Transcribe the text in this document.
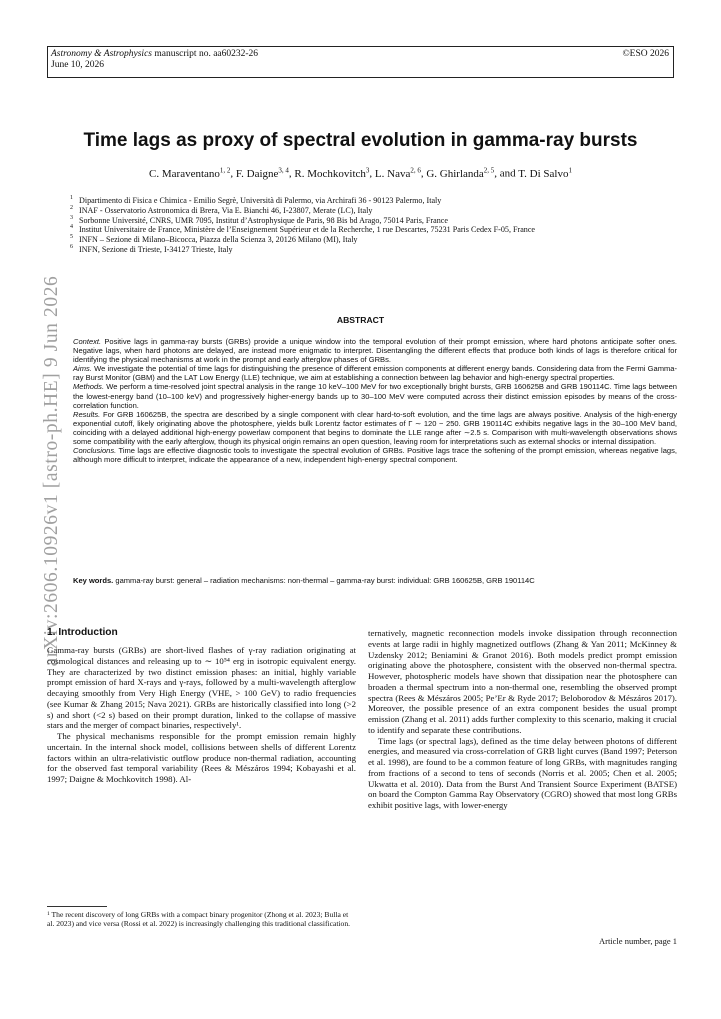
Astronomy & Astrophysics manuscript no. aa60232-26
June 10, 2026
©ESO 2026
arXiv:2606.10926v1 [astro-ph.HE] 9 Jun 2026
Time lags as proxy of spectral evolution in gamma-ray bursts
C. Maraventano$^{1, 2}$, F. Daigne$^{3, 4}$, R. Mochkovitch$^3$, L. Nava$^{2, 6}$, G. Ghirlanda$^{2, 5}$, and T. Di Salvo$^1$
1 Dipartimento di Fisica e Chimica - Emilio Segrè, Università di Palermo, via Archirafi 36 - 90123 Palermo, Italy
2 INAF - Osservatorio Astronomica di Brera, Via E. Bianchi 46, I-23807, Merate (LC), Italy
3 Sorbonne Université, CNRS, UMR 7095, Institut d’Astrophysique de Paris, 98 Bis bd Arago, 75014 Paris, France
4 Institut Universitaire de France, Ministère de l’Enseignement Supérieur et de la Recherche, 1 rue Descartes, 75231 Paris Cedex F-05, France
5 INFN – Sezione di Milano–Bicocca, Piazza della Scienza 3, 20126 Milano (MI), Italy
6 INFN, Sezione di Trieste, I-34127 Trieste, Italy
ABSTRACT

Context. Positive lags in gamma-ray bursts (GRBs) provide a unique window into the temporal evolution of their prompt emission, where hard photons anticipate softer ones. Negative lags, when hard photons are delayed, are instead more enigmatic to interpret. Disentangling the different effects that produce both kinds of lags is therefore critical for identifying the physical mechanisms at work in the prompt and early afterglow phases of GRBs.

Aims. We investigate the potential of time lags for distinguishing the presence of different emission components at different energy bands. Considering data from the Fermi Gamma-ray Burst Monitor (GBM) and the LAT Low Energy (LLE) technique, we aim at establishing a connection between lag behavior and high-energy spectral properties.

Methods. We perform a time-resolved joint spectral analysis in the range 10 keV–100 MeV for two exceptionally bright bursts, GRB 160625B and GRB 190114C. Time lags between the lowest-energy band (10–100 keV) and progressively higher-energy bands up to 30–100 MeV were computed across their distinct emission episodes by means of the cross-correlation function.

Results. For GRB 160625B, the spectra are described by a single component with clear hard-to-soft evolution, and the time lags are always positive. Analysis of the high-energy exponential cutoff, likely originating above the photosphere, yields bulk Lorentz factor estimates of Γ ∼ 120 − 250. GRB 190114C exhibits negative lags in the 30–100 MeV band, coinciding with a delayed additional high-energy powerlaw component that begins to dominate the LLE range after ∼2.5 s. Comparison with multi-wavelength observations shows some compatibility with the early afterglow, though its physical origin remains an open question, leaving room for interpretations such as external shocks or internal dissipation.

Conclusions. Time lags are effective diagnostic tools to investigate the spectral evolution of GRBs. Positive lags trace the softening of the prompt emission, whereas negative lags, although more difficult to interpret, indicate the appearance of a new, independent high-energy spectral component.

Key words. gamma-ray burst: general – radiation mechanisms: non-thermal – gamma-ray burst: individual: GRB 160625B, GRB 190114C
1. Introduction

Gamma-ray bursts (GRBs) are short-lived flashes of γ-ray radiation originating at cosmological distances and releasing up to ∼ 10⁵⁴ erg in isotropic equivalent energy. They are characterized by two distinct emission phases: an initial, highly variable prompt emission of hard X-rays and γ-rays, followed by a multi-wavelength afterglow decaying smoothly from Very High Energy (VHE, > 100 GeV) to radio frequencies (see Kumar & Zhang 2015; Nava 2021). GRBs are historically classified into long (>2 s) and short (<2 s) based on their prompt duration, linked to the collapse of massive stars and the merger of compact binaries, respectively¹.

The physical mechanisms responsible for the prompt emission remain highly uncertain. In the internal shock model, collisions between shells of different Lorentz factors within an ultra-relativistic outflow produce non-thermal radiation, accounting for the observed fast temporal variability (Rees & Mészáros 1994; Kobayashi et al. 1997; Daigne & Mochkovitch 1998). Al-

ternatively, magnetic reconnection models invoke dissipation through reconnection events at large radii in highly magnetized outflows (Zhang & Yan 2011; McKinney & Uzdensky 2012; Beniamini & Granot 2016). Both models predict prompt emission originating above the photosphere, consistent with the observed non-thermal spectra. However, photospheric models have shown that dissipation near the photosphere can broaden a thermal spectrum into a non-thermal one, resembling the observed prompt spectra (Rees & Mészáros 2005; Pe’Er & Ryde 2017; Beloborodov & Mészáros 2017). Moreover, the possible presence of an extra component besides the usual prompt emission (Zhang et al. 2011) adds further complexity to this scenario, making it crucial to identify and separate these contributions.

Time lags (or spectral lags), defined as the time delay between photons of different energies, and measured via cross-correlation of GRB light curves (Band 1997; Peterson et al. 1998), are found to be a common feature of long GRBs, with magnitudes ranging from fractions of a second to tens of seconds (Norris et al. 2005; Chen et al. 2005; Ukwatta et al. 2010). Data from the Burst And Transient Source Experiment (BATSE) on board the Compton Gamma Ray Observatory (CGRO) showed that most long GRBs exhibit positive lags, with lower-energy

$^1$ The recent discovery of long GRBs with a compact binary progenitor (Zhong et al. 2023; Bulla et al. 2023) and vice versa (Rossi et al. 2022) is increasingly challenging this traditional classification.
Article number, page 1
